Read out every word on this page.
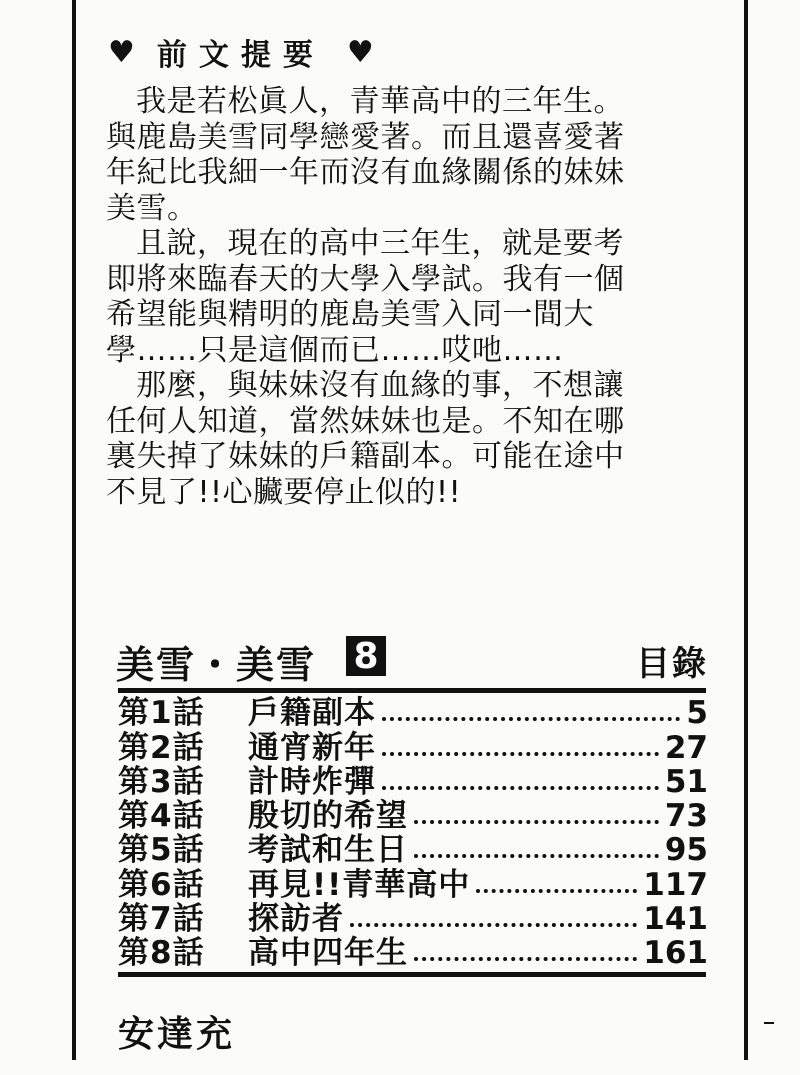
♥ 前文提要 ♥

我是若松眞人，青華高中的三年生。與鹿島美雪同學戀愛著。而且還喜愛著年紀比我細一年而沒有血緣關係的妹妹美雪。

且說，現在的高中三年生，就是要考即將來臨春天的大學入學試。我有一個希望能與精明的鹿島美雪入同一間大學……只是這個而已……哎吔……

那麼，與妹妹沒有血緣的事，不想讓任何人知道，當然妹妹也是。不知在哪裏失掉了妹妹的戶籍副本。可能在途中不見了!!心臟要停止似的!!

美雪・美雪 8	目錄
第1話	戶籍副本	5
第2話	通宵新年	27
第3話	計時炸彈	51
第4話	殷切的希望	73
第5話	考試和生日	95
第6話	再見!!青華高中	117
第7話	探訪者	141
第8話	高中四年生	161
安達充
